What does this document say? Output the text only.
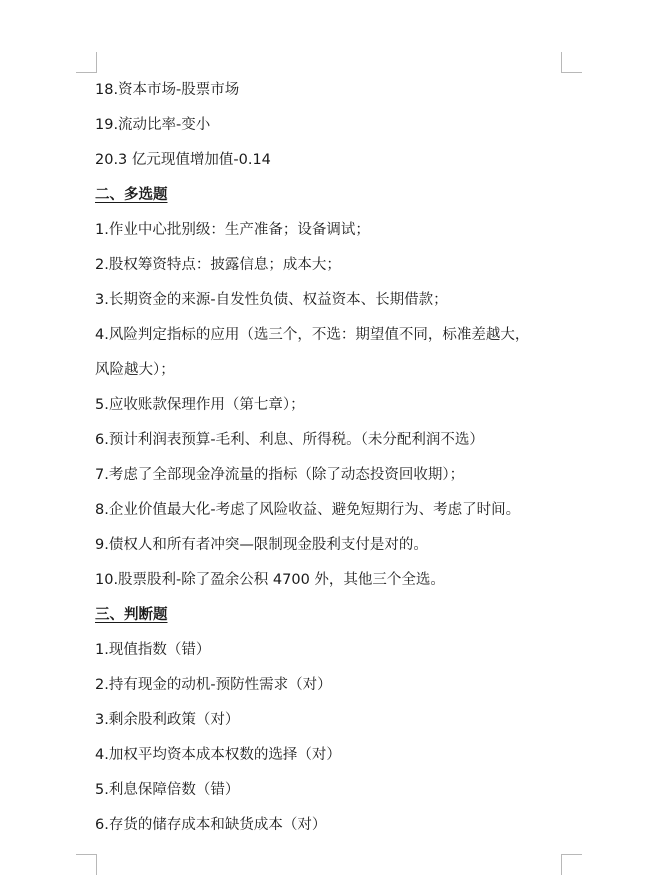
18.资本市场-股票市场
19.流动比率-变小
20.3 亿元现值增加值-0.14
二、多选题
1.作业中心批别级：生产准备；设备调试；
2.股权筹资特点：披露信息；成本大；
3.长期资金的来源-自发性负债、权益资本、长期借款；
4.风险判定指标的应用（选三个，不选：期望值不同，标准差越大，
风险越大）；
5.应收账款保理作用（第七章）；
6.预计利润表预算-毛利、利息、所得税。（未分配利润不选）
7.考虑了全部现金净流量的指标（除了动态投资回收期）；
8.企业价值最大化-考虑了风险收益、避免短期行为、考虑了时间。
9.债权人和所有者冲突—限制现金股利支付是对的。
10.股票股利-除了盈余公积 4700 外，其他三个全选。
三、判断题
1.现值指数（错）
2.持有现金的动机-预防性需求（对）
3.剩余股利政策（对）
4.加权平均资本成本权数的选择（对）
5.利息保障倍数（错）
6.存货的储存成本和缺货成本（对）
